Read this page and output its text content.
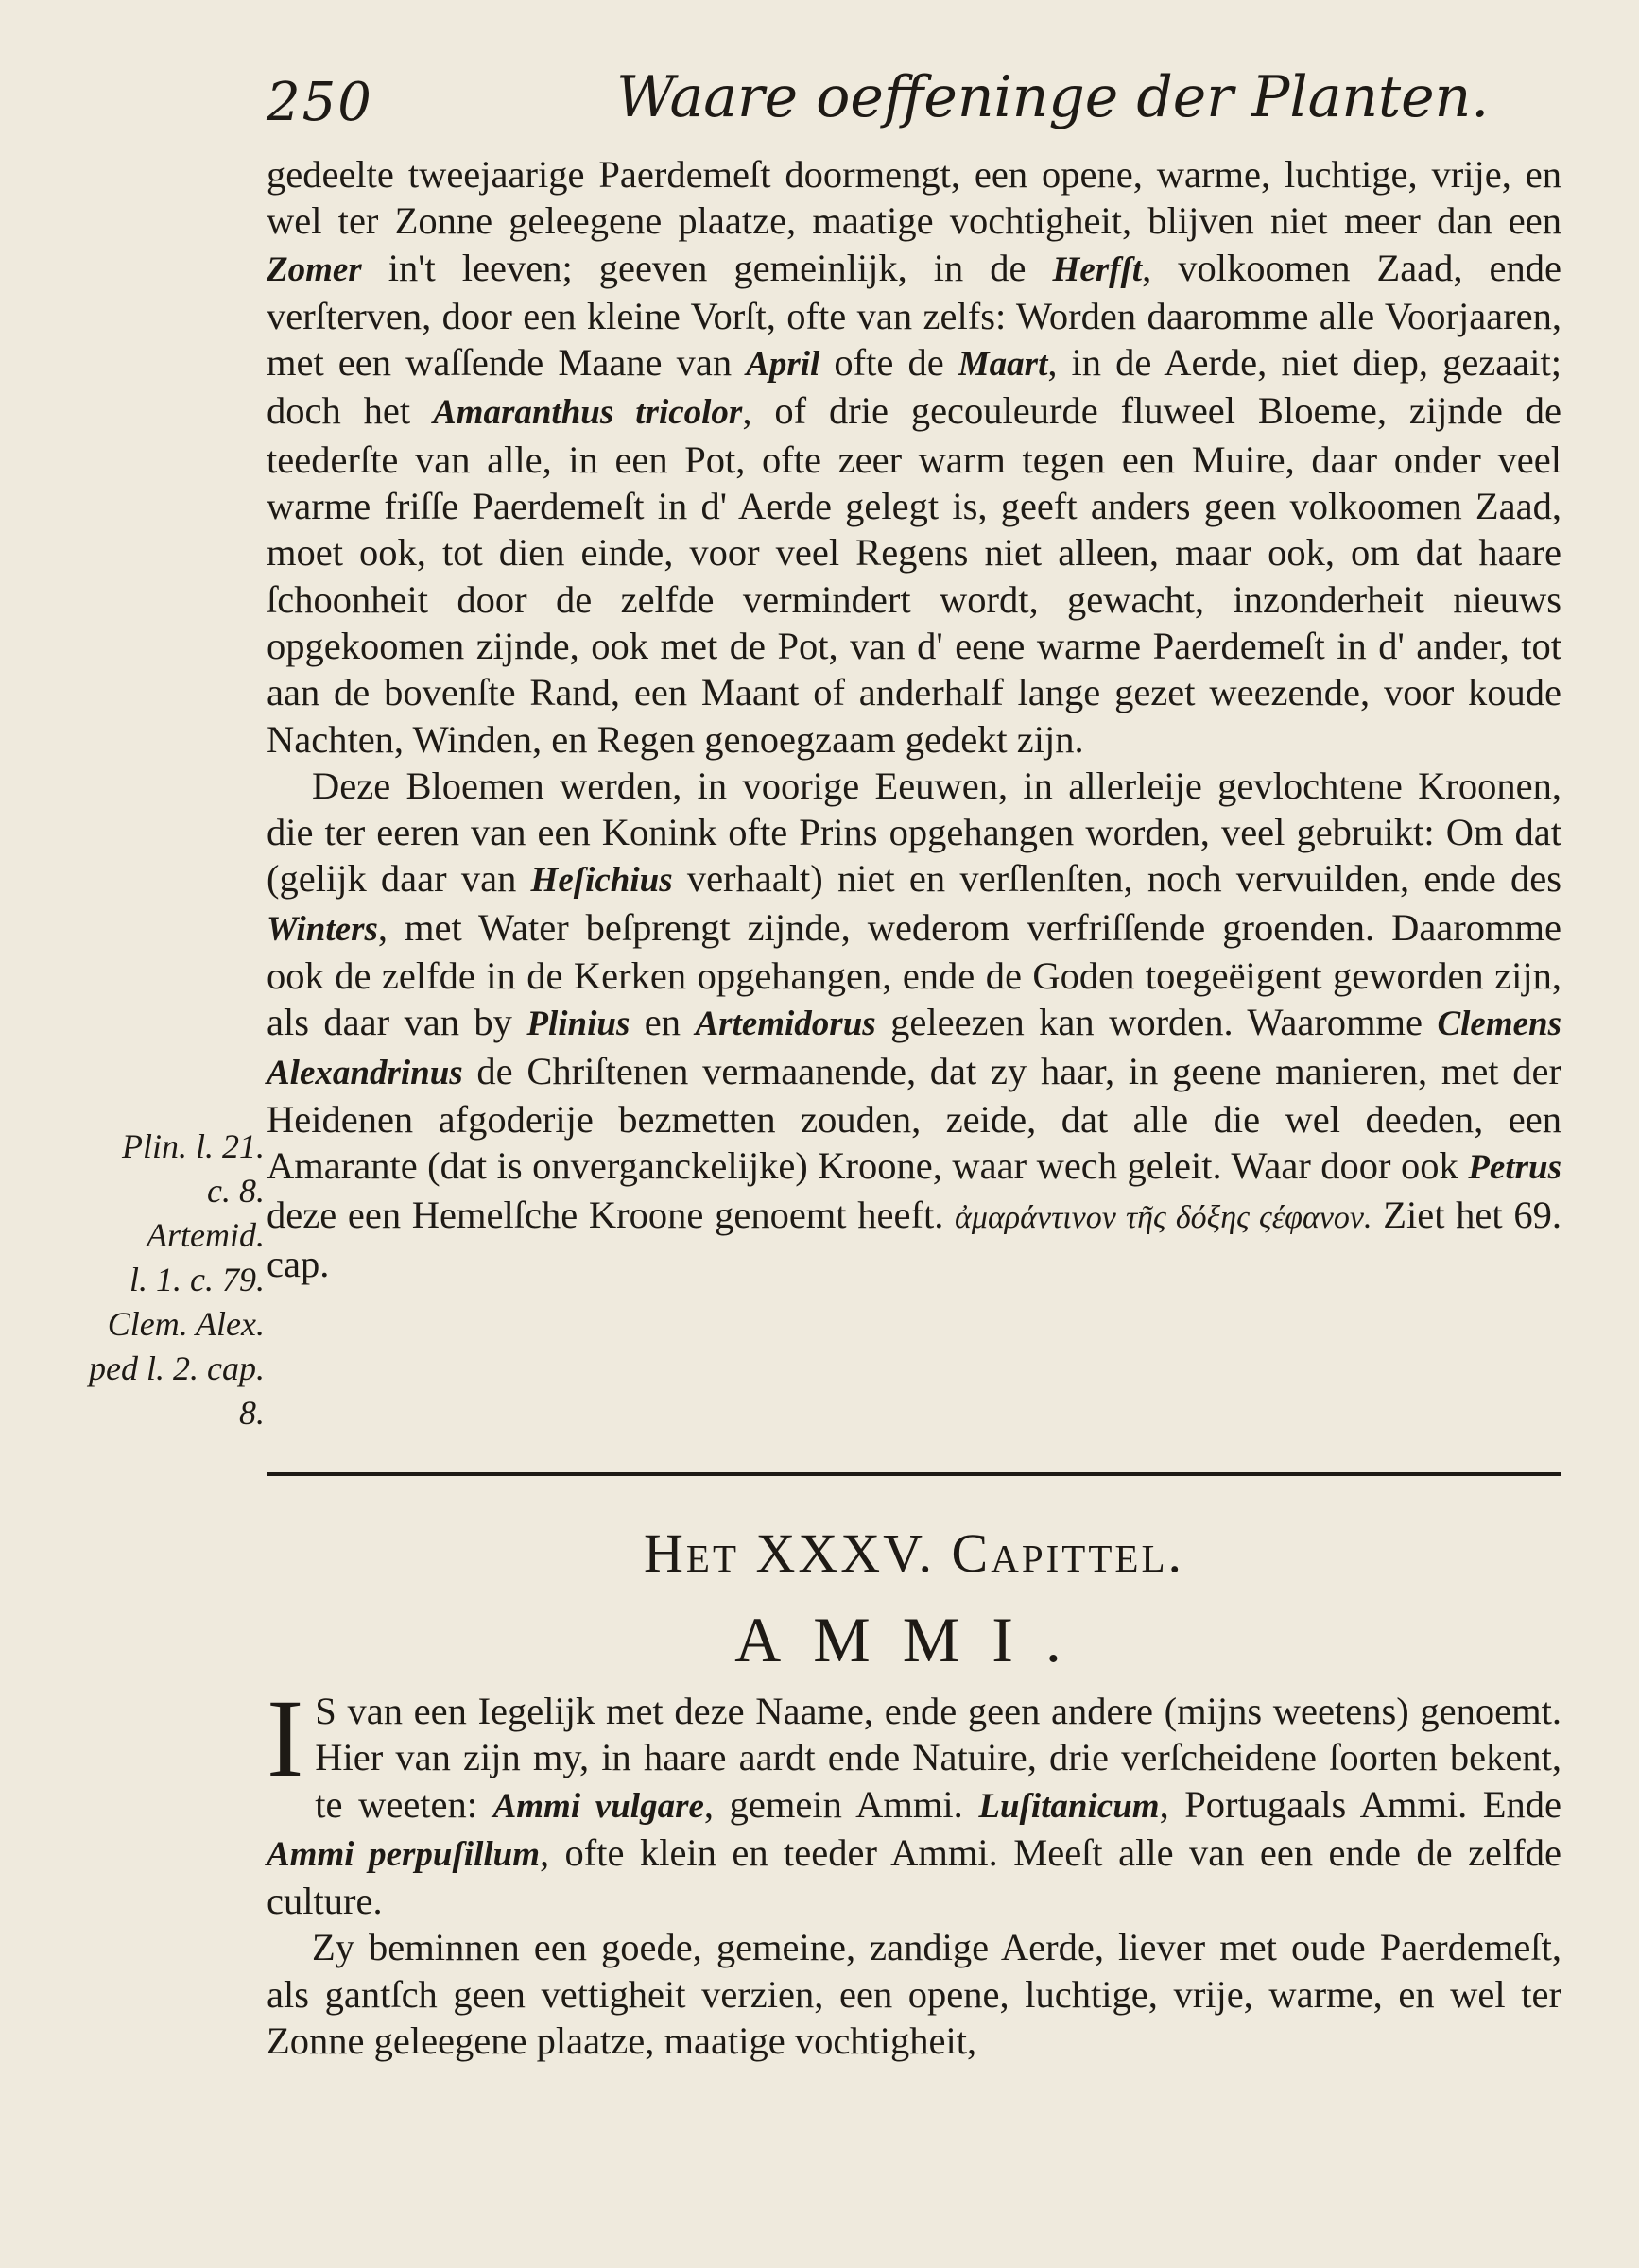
250	Waare oeffeninge der Planten.

gedeelte tweejaarige Paerdemeſt doormengt, een opene, warme, luchtige, vrije, en wel ter Zonne geleegene plaatze, maatige vochtigheit, blijven niet meer dan een Zomer in't leeven; geeven gemeinlijk, in de Herfſt, volkoomen Zaad, ende verſterven, door een kleine Vorſt, ofte van zelfs: Worden daaromme alle Voorjaaren, met een waſſende Maane van April ofte de Maart, in de Aerde, niet diep, gezaait; doch het Amaranthus tricolor, of drie gecouleurde fluweel Bloeme, zijnde de teederſte van alle, in een Pot, ofte zeer warm tegen een Muire, daar onder veel warme friſſe Paerdemeſt in d' Aerde gelegt is, geeft anders geen volkoomen Zaad, moet ook, tot dien einde, voor veel Regens niet alleen, maar ook, om dat haare ſchoonheit door de zelfde vermindert wordt, gewacht, inzonderheit nieuws opgekoomen zijnde, ook met de Pot, van d' eene warme Paerdemeſt in d' ander, tot aan de bovenſte Rand, een Maant of anderhalf lange gezet weezende, voor koude Nachten, Winden, en Regen genoegzaam gedekt zijn.

Deze Bloemen werden, in voorige Eeuwen, in allerleije gevlochtene Kroonen, die ter eeren van een Konink ofte Prins opgehangen worden, veel gebruikt: Om dat (gelijk daar van Heſichius verhaalt) niet en verſlenſten, noch vervuilden, ende des Winters, met Water beſprengt zijnde, wederom verfriſſende groenden. Daaromme ook de zelfde in de Kerken opgehangen, ende de Goden toegeëigent geworden zijn, als daar van by Plinius en Artemidorus geleezen kan worden. Waaromme Clemens Alexandrinus de Chriſtenen vermaanende, dat zy haar, in geene manieren, met der Heidenen afgoderije bezmetten zouden, zeide, dat alle die wel deeden, een Amarante (dat is onverganckelijke) Kroone, waar wech geleit. Waar door ook Petrus deze een Hemelſche Kroone genoemt heeft. ἀμαράντινον τῆς δόξης ςέφανον. Ziet het 69. cap.

Plin. l. 21.
c. 8.
Artemid.
l. 1. c. 79.
Clem. Alex.
ped l. 2. cap.
8.
Het XXXV. Capittel.
AMMI.

I S van een Iegelijk met deze Naame, ende geen andere (mijns weetens) genoemt. Hier van zijn my, in haare aardt ende Natuire, drie verſcheidene ſoorten bekent, te weeten: Ammi vulgare, gemein Ammi. Luſitanicum, Portugaals Ammi. Ende Ammi perpuſillum, ofte klein en teeder Ammi. Meeſt alle van een ende de zelfde culture.

Zy beminnen een goede, gemeine, zandige Aerde, liever met oude Paerdemeſt, als gantſch geen vettigheit verzien, een opene, luchtige, vrije, warme, en wel ter Zonne geleegene plaatze, maatige vochtigheit,
